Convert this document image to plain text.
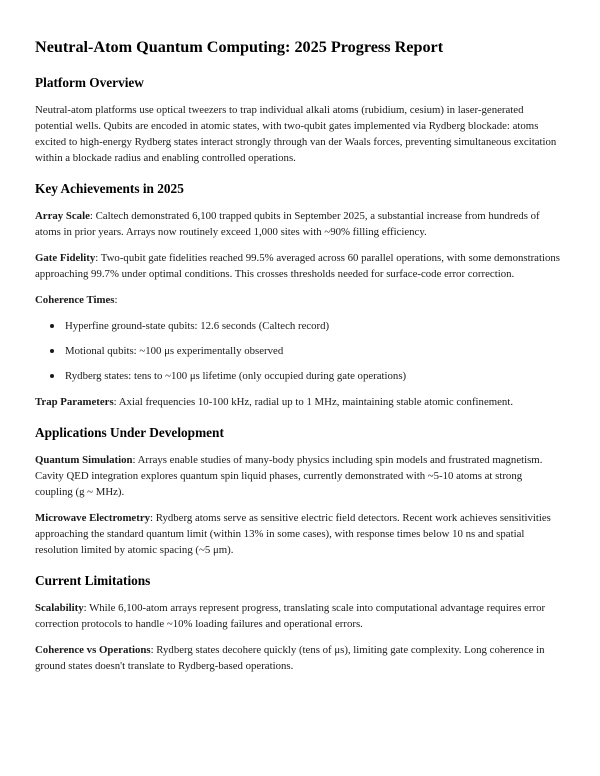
Neutral-Atom Quantum Computing: 2025 Progress Report
Platform Overview

Neutral-atom platforms use optical tweezers to trap individual alkali atoms (rubidium, cesium) in laser-generated potential wells. Qubits are encoded in atomic states, with two-qubit gates implemented via Rydberg blockade: atoms excited to high-energy Rydberg states interact strongly through van der Waals forces, preventing simultaneous excitation within a blockade radius and enabling controlled operations.

Key Achievements in 2025

Array Scale: Caltech demonstrated 6,100 trapped qubits in September 2025, a substantial increase from hundreds of atoms in prior years. Arrays now routinely exceed 1,000 sites with ~90% filling efficiency.

Gate Fidelity: Two-qubit gate fidelities reached 99.5% averaged across 60 parallel operations, with some demonstrations approaching 99.7% under optimal conditions. This crosses thresholds needed for surface-code error correction.

Coherence Times:

Hyperfine ground-state qubits: 12.6 seconds (Caltech record)
Motional qubits: ~100 μs experimentally observed
Rydberg states: tens to ~100 μs lifetime (only occupied during gate operations)

Trap Parameters: Axial frequencies 10-100 kHz, radial up to 1 MHz, maintaining stable atomic confinement.

Applications Under Development

Quantum Simulation: Arrays enable studies of many-body physics including spin models and frustrated magnetism. Cavity QED integration explores quantum spin liquid phases, currently demonstrated with ~5-10 atoms at strong coupling (g ~ MHz).

Microwave Electrometry: Rydberg atoms serve as sensitive electric field detectors. Recent work achieves sensitivities approaching the standard quantum limit (within 13% in some cases), with response times below 10 ns and spatial resolution limited by atomic spacing (~5 μm).

Current Limitations

Scalability: While 6,100-atom arrays represent progress, translating scale into computational advantage requires error correction protocols to handle ~10% loading failures and operational errors.

Coherence vs Operations: Rydberg states decohere quickly (tens of μs), limiting gate complexity. Long coherence in ground states doesn't translate to Rydberg-based operations.
